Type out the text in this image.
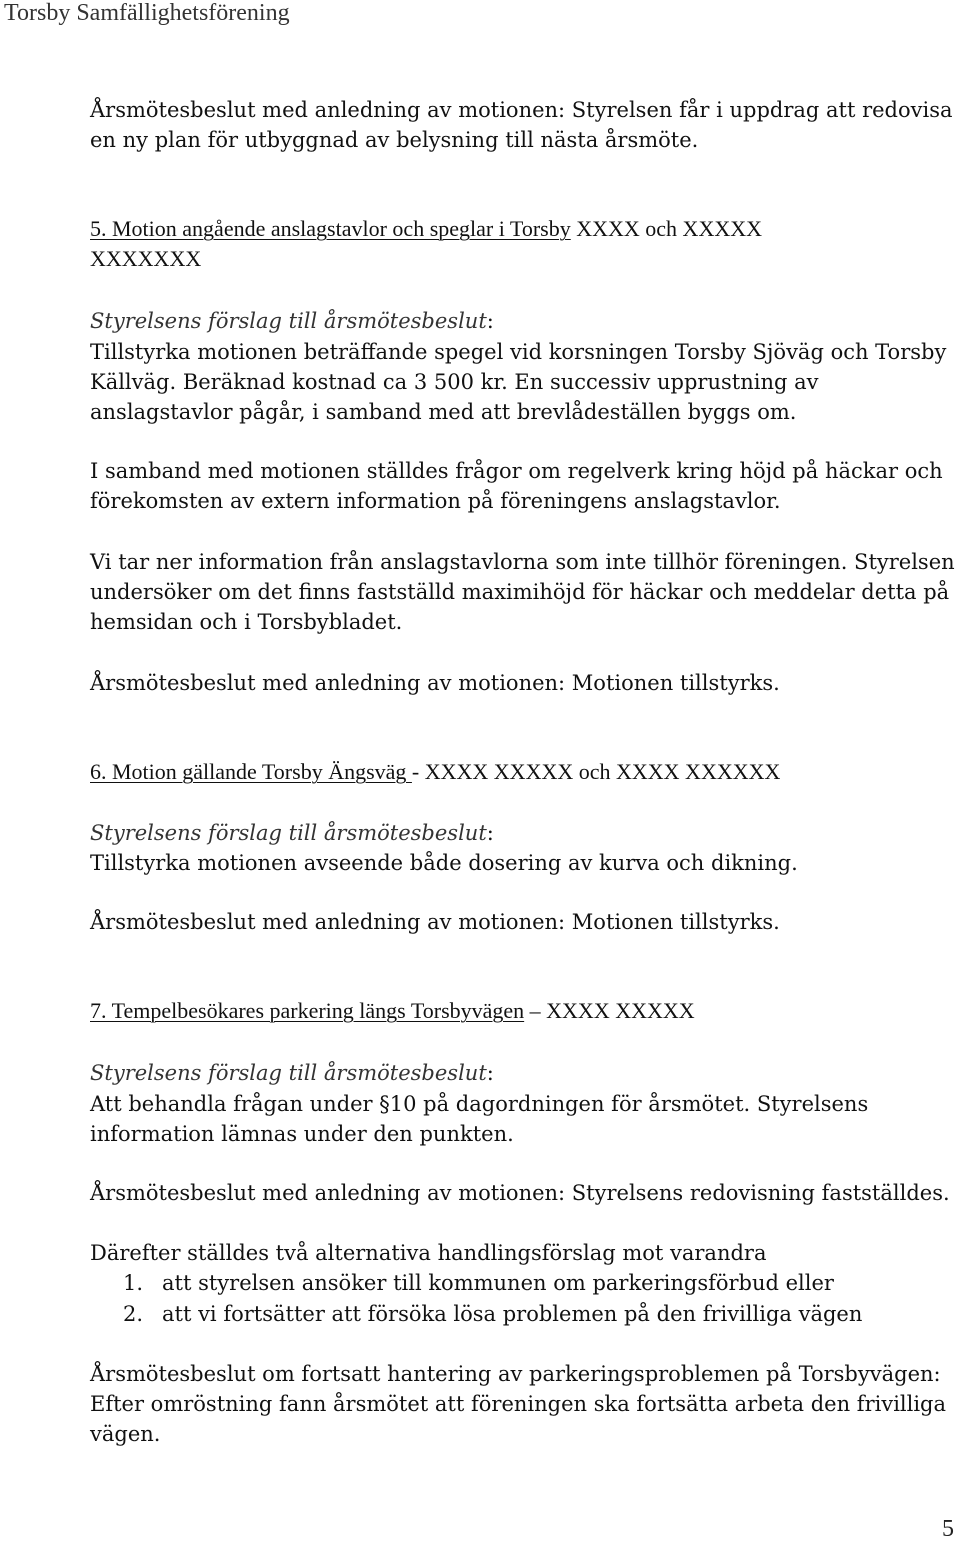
Torsby Samfällighetsförening
Årsmötesbeslut med anledning av motionen: Styrelsen får i uppdrag att redovisa
en ny plan för utbyggnad av belysning till nästa årsmöte.
5. Motion angående anslagstavlor och speglar i Torsby XXXX och XXXXX
XXXXXXX
Styrelsens förslag till årsmötesbeslut:
Tillstyrka motionen beträffande spegel vid korsningen Torsby Sjöväg och Torsby
Källväg. Beräknad kostnad ca 3 500 kr. En successiv upprustning av
anslagstavlor pågår, i samband med att brevlådeställen byggs om.
I samband med motionen ställdes frågor om regelverk kring höjd på häckar och
förekomsten av extern information på föreningens anslagstavlor.
Vi tar ner information från anslagstavlorna som inte tillhör föreningen. Styrelsen
undersöker om det finns fastställd maximihöjd för häckar och meddelar detta på
hemsidan och i Torsbybladet.
Årsmötesbeslut med anledning av motionen: Motionen tillstyrks.
6. Motion gällande Torsby Ängsväg - XXXX XXXXX och XXXX XXXXXX
Styrelsens förslag till årsmötesbeslut:
Tillstyrka motionen avseende både dosering av kurva och dikning.
Årsmötesbeslut med anledning av motionen: Motionen tillstyrks.
7. Tempelbesökares parkering längs Torsbyvägen – XXXX XXXXX
Styrelsens förslag till årsmötesbeslut:
Att behandla frågan under §10 på dagordningen för årsmötet. Styrelsens
information lämnas under den punkten.
Årsmötesbeslut med anledning av motionen: Styrelsens redovisning fastställdes.
Därefter ställdes två alternativa handlingsförslag mot varandra
1. att styrelsen ansöker till kommunen om parkeringsförbud eller
2. att vi fortsätter att försöka lösa problemen på den frivilliga vägen
Årsmötesbeslut om fortsatt hantering av parkeringsproblemen på Torsbyvägen:
Efter omröstning fann årsmötet att föreningen ska fortsätta arbeta den frivilliga
vägen.
5
